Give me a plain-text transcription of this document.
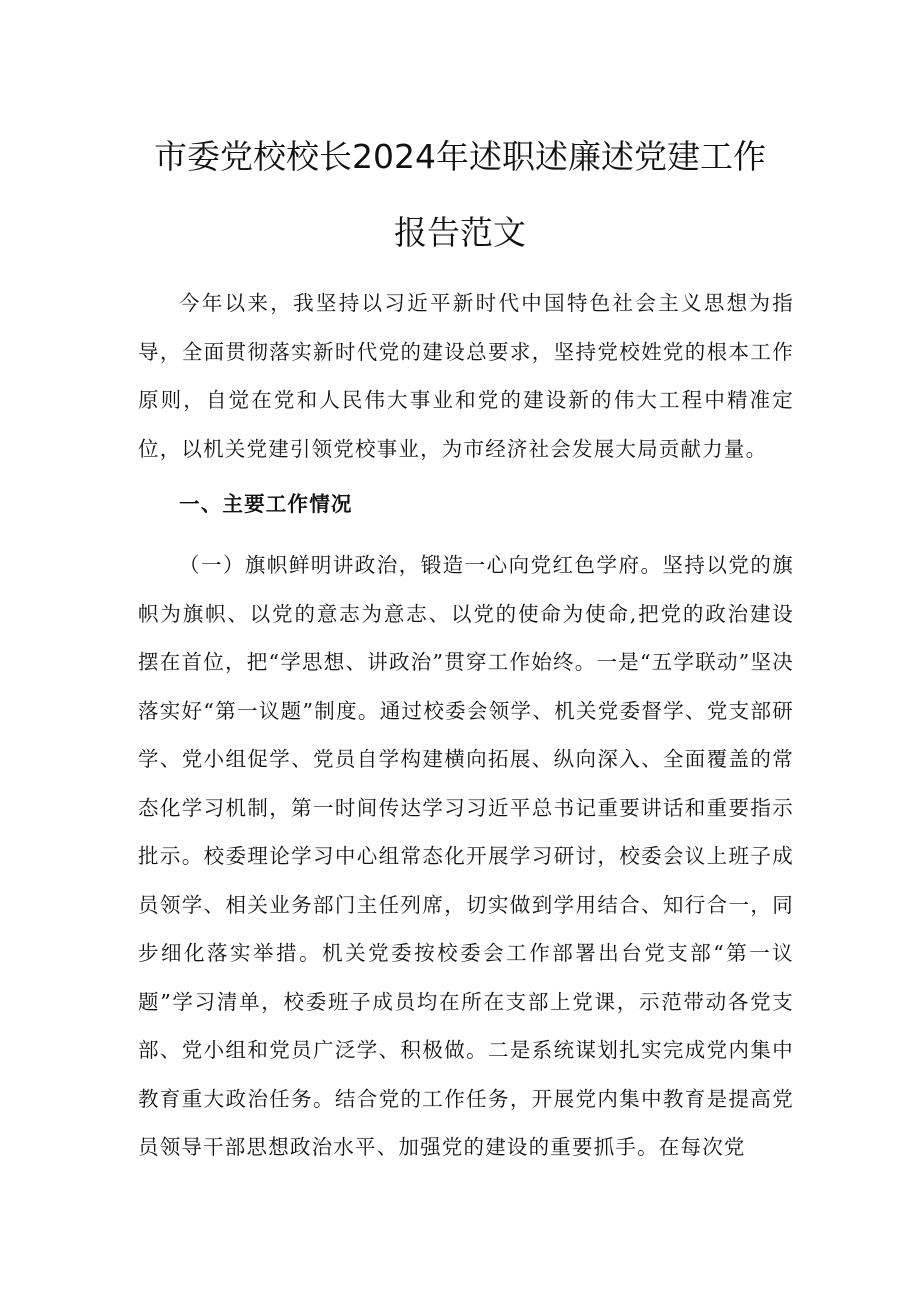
市委党校校长2024年述职述廉述党建工作
报告范文

今年以来，我坚持以习近平新时代中国特色社会主义思想为指导，全面贯彻落实新时代党的建设总要求，坚持党校姓党的根本工作原则，自觉在党和人民伟大事业和党的建设新的伟大工程中精准定位，以机关党建引领党校事业，为市经济社会发展大局贡献力量。

一、主要工作情况

（一）旗帜鲜明讲政治，锻造一心向党红色学府。坚持以党的旗帜为旗帜、以党的意志为意志、以党的使命为使命,把党的政治建设摆在首位，把“学思想、讲政治”贯穿工作始终。一是“五学联动”坚决落实好“第一议题”制度。通过校委会领学、机关党委督学、党支部研学、党小组促学、党员自学构建横向拓展、纵向深入、全面覆盖的常态化学习机制，第一时间传达学习习近平总书记重要讲话和重要指示批示。校委理论学习中心组常态化开展学习研讨，校委会议上班子成员领学、相关业务部门主任列席，切实做到学用结合、知行合一，同步细化落实举措。机关党委按校委会工作部署出台党支部“第一议题”学习清单，校委班子成员均在所在支部上党课，示范带动各党支部、党小组和党员广泛学、积极做。二是系统谋划扎实完成党内集中教育重大政治任务。结合党的工作任务，开展党内集中教育是提高党员领导干部思想政治水平、加强党的建设的重要抓手。在每次党
